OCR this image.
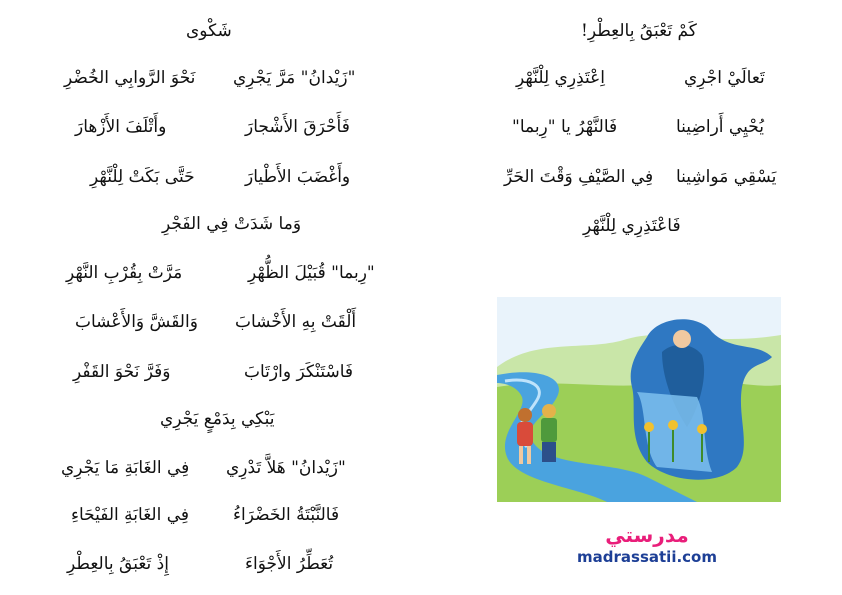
شَكْوى
"زَيْدانُ" مَرَّ يَجْرِي
نَحْوَ الرَّوابِي الخُضْرِ
فَأَحْرَقَ الأَشْجارَ
وأَتْلَفَ الأَزْهارَ
وأَغْضَبَ الأَطْيارَ
حَتَّى بَكَتْ لِلْنَّهْرِ
وَما شَدَتْ فِي الفَجْرِ
"رِبما" قُبَيْلَ الظُّهْرِ
مَرَّتْ بِقُرْبِ النَّهْرِ
أَلْقَتْ بِهِ الأَخْشابَ
وَالقَشَّ وَالأَعْشابَ
فَاسْتَنْكَرَ وارْتَابَ
وَفَرَّ نَحْوَ القَفْرِ
يَبْكِي بِدَمْعٍ يَجْرِي
"زَيْدانُ" هَلاَّ تَدْرِي
فِي الغَابَةِ مَا يَجْرِي
فَالنَّبْتَةُ الخَضْرَاءُ
فِي الغَابَةِ الفَيْحَاءِ
تُعَطِّرُ الأَجْوَاءَ
إِذْ تَعْبَقُ بِالعِطْرِ
كَمْ تَعْبَقُ بِالعِطْرِ!
تَعالَيْ اجْرِي
اِعْتَذِرِي لِلْنَّهْرِ
يُحْيِي أَراضِينا
فَالنَّهْرُ يا "رِبما"
يَسْقِي مَواشِينا
فِي الصَّيْفِ وَقْتَ الحَرِّ
فَاعْتَذِرِي لِلْنَّهْرِ
مدرستي
madrassatii.com
